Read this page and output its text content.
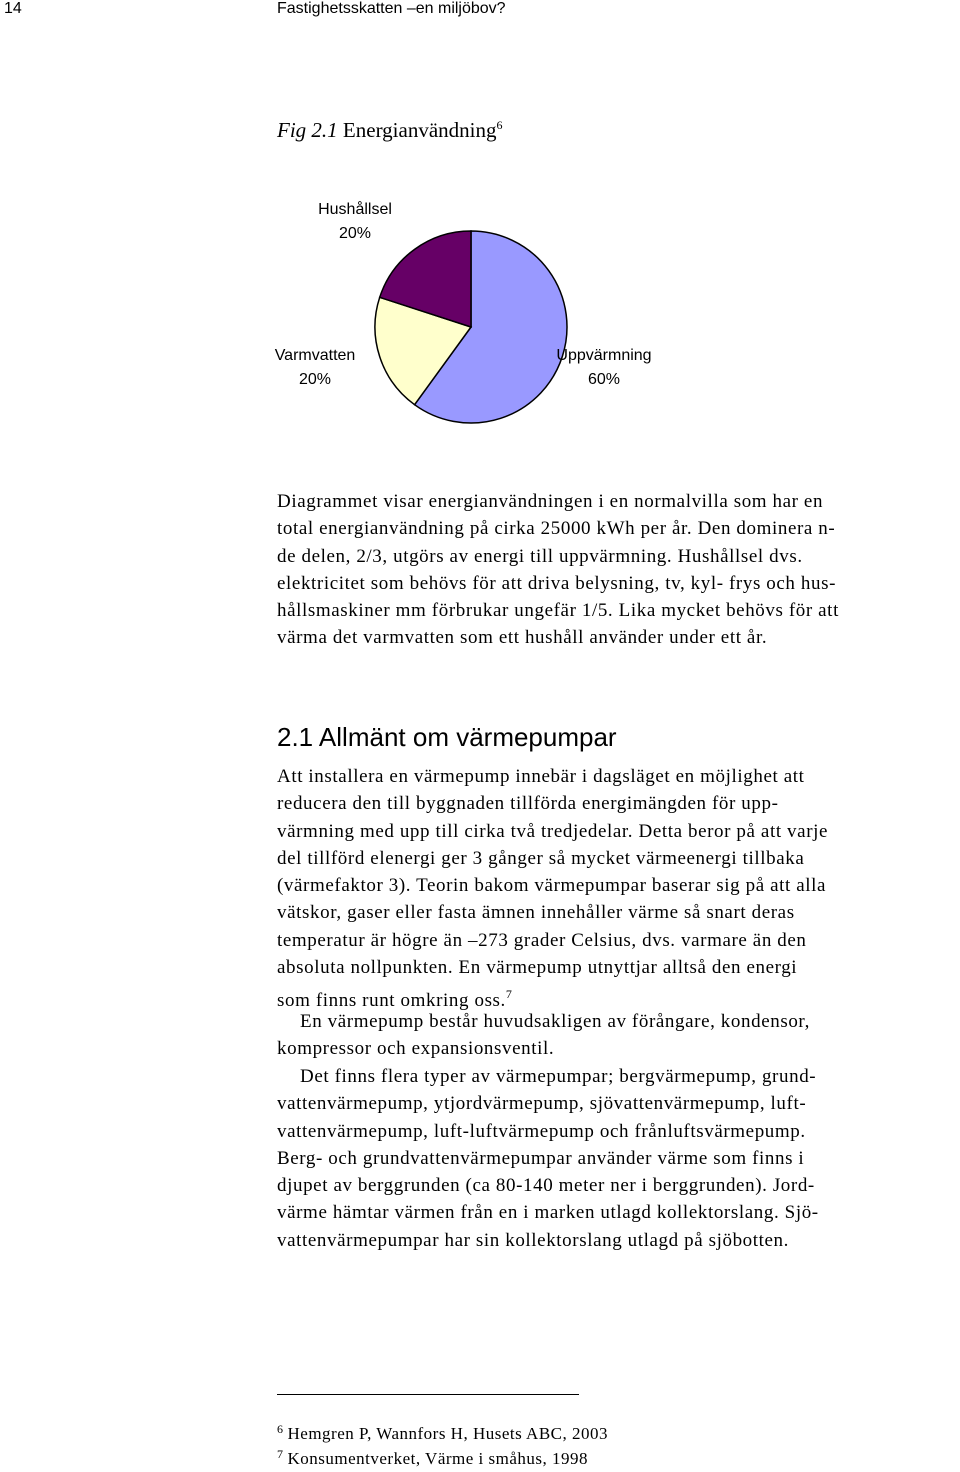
14	Fastighetsskatten –en miljöbov?
Fig 2.1 Energianvändning$^6$
Uppvärmning
60%
Varmvatten
20%
Hushållsel
20%
Diagrammet visar energianvändningen i en normalvilla som har en
total energianvändning på cirka 25000 kWh per år. Den dominera n-
de delen, 2/3, utgörs av energi till uppvärmning. Hushållsel dvs.
elektricitet som behövs för att driva belysning, tv, kyl- frys och hus-
hållsmaskiner mm förbrukar ungefär 1/5. Lika mycket behövs för att
värma det varmvatten som ett hushåll använder under ett år.
2.1 Allmänt om värmepumpar
Att installera en värmepump innebär i dagsläget en möjlighet att
reducera den till byggnaden tillförda energimängden för upp-
värmning med upp till cirka två tredjedelar. Detta beror på att varje
del tillförd elenergi ger 3 gånger så mycket värmeenergi tillbaka
(värmefaktor 3). Teorin bakom värmepumpar baserar sig på att alla
vätskor, gaser eller fasta ämnen innehåller värme så snart deras
temperatur är högre än –273 grader Celsius, dvs. varmare än den
absoluta nollpunkten. En värmepump utnyttjar alltså den energi
som finns runt omkring oss.$^7$
En värmepump består huvudsakligen av förångare, kondensor,
kompressor och expansionsventil.
Det finns flera typer av värmepumpar; bergvärmepump, grund-
vattenvärmepump, ytjordvärmepump, sjövattenvärmepump, luft-
vattenvärmepump, luft-luftvärmepump och frånluftsvärmepump.
Berg- och grundvattenvärmepumpar använder värme som finns i
djupet av berggrunden (ca 80-140 meter ner i berggrunden). Jord-
värme hämtar värmen från en i marken utlagd kollektorslang. Sjö-
vattenvärmepumpar har sin kollektorslang utlagd på sjöbotten.
$^6$ Hemgren P, Wannfors H, Husets ABC, 2003
$^7$ Konsumentverket, Värme i småhus, 1998
